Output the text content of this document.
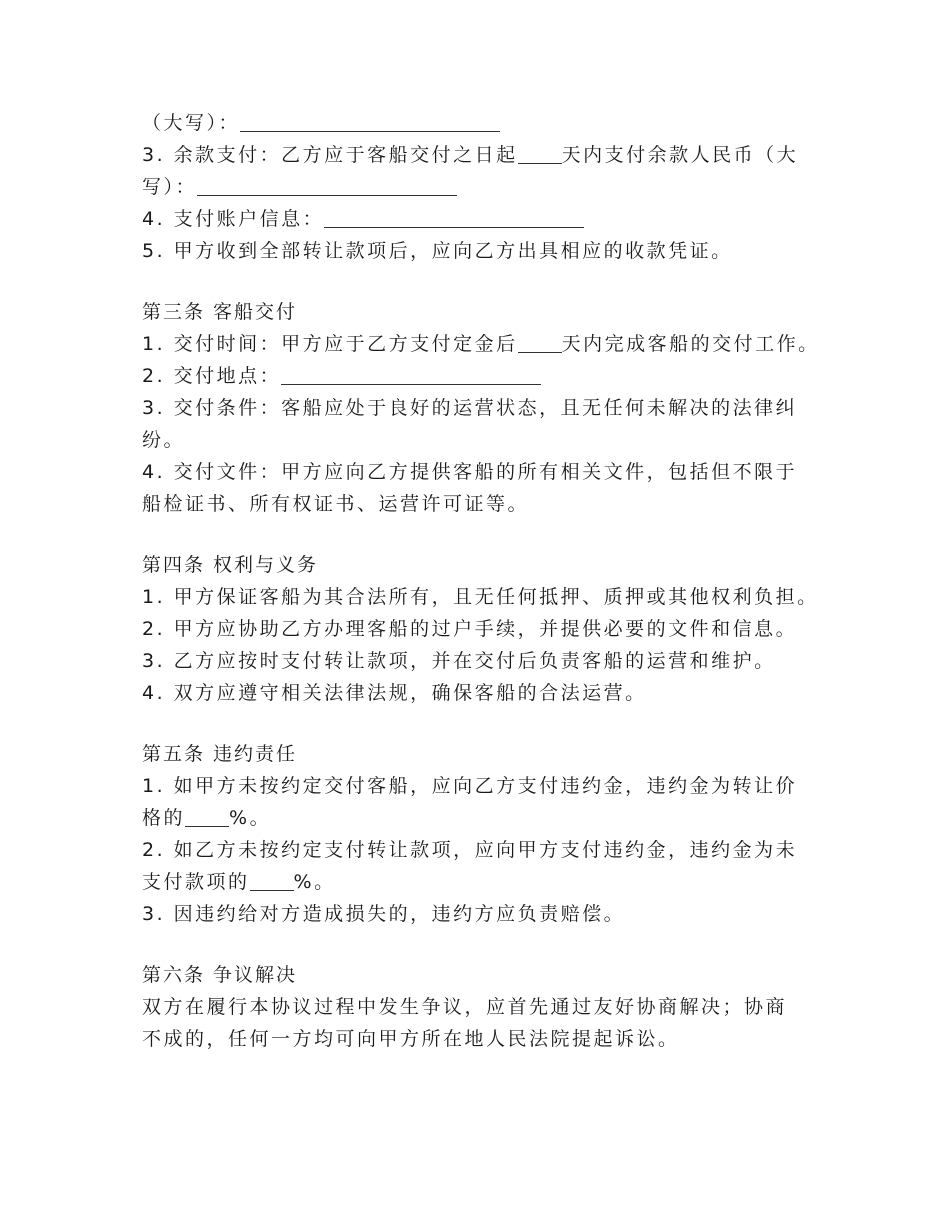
（大写）：
3. 余款支付：乙方应于客船交付之日起 天内支付余款人民币（大
写）：
4. 支付账户信息：
5. 甲方收到全部转让款项后，应向乙方出具相应的收款凭证。
第三条 客船交付
1. 交付时间：甲方应于乙方支付定金后 天内完成客船的交付工作。
2. 交付地点：
3. 交付条件：客船应处于良好的运营状态，且无任何未解决的法律纠
纷。
4. 交付文件：甲方应向乙方提供客船的所有相关文件，包括但不限于
船检证书、所有权证书、运营许可证等。
第四条 权利与义务
1. 甲方保证客船为其合法所有，且无任何抵押、质押或其他权利负担。
2. 甲方应协助乙方办理客船的过户手续，并提供必要的文件和信息。
3. 乙方应按时支付转让款项，并在交付后负责客船的运营和维护。
4. 双方应遵守相关法律法规，确保客船的合法运营。
第五条 违约责任
1. 如甲方未按约定交付客船，应向乙方支付违约金，违约金为转让价
格的 %。
2. 如乙方未按约定支付转让款项，应向甲方支付违约金，违约金为未
支付款项的 %。
3. 因违约给对方造成损失的，违约方应负责赔偿。
第六条 争议解决
双方在履行本协议过程中发生争议，应首先通过友好协商解决；协商
不成的，任何一方均可向甲方所在地人民法院提起诉讼。
